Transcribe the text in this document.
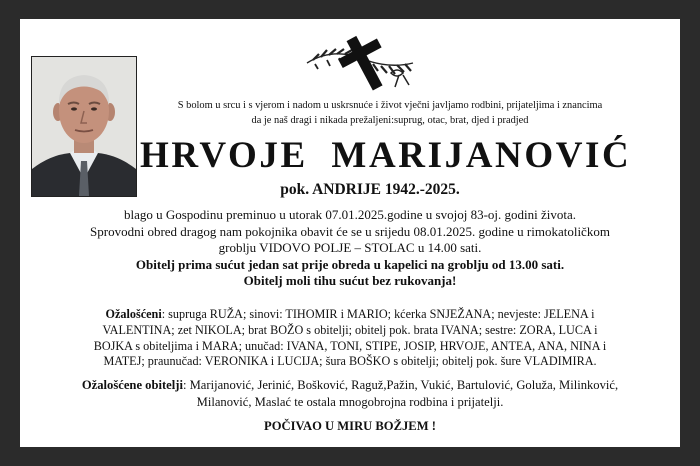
S bolom u srcu i s vjerom i nadom u uskrsnuće i život vječni javljamo rodbini, prijateljima i znancima
da je naš dragi i nikada prežaljeni:suprug, otac, brat, djed i pradjed
HRVOJE  MARIJANOVIĆ
pok. ANDRIJE 1942.-2025.
blago u Gospodinu preminuo u utorak 07.01.2025.godine u svojoj 83-oj. godini života.
Sprovodni obred dragog nam pokojnika obavit će se u srijedu 08.01.2025. godine u rimokatoličkom
groblju VIDOVO POLJE – STOLAC u 14.00 sati.
Obitelj prima sućut jedan sat prije obreda u kapelici na groblju od 13.00 sati.
Obitelj moli tihu sućut bez rukovanja!
Ožalošćeni: supruga RUŽA; sinovi: TIHOMIR i MARIO; kćerka SNJEŽANA; nevjeste: JELENA i
VALENTINA; zet NIKOLA; brat BOŽO s obitelji; obitelj pok. brata IVANA; sestre: ZORA, LUCA i
BOJKA s obiteljima i MARA; unučad: IVANA, TONI, STIPE, JOSIP, HRVOJE, ANTEA, ANA, NINA i
MATEJ; praunučad: VERONIKA i LUCIJA; šura BOŠKO s obitelji; obitelj pok. šure VLADIMIRA.
Ožalošćene obitelji: Marijanović, Jerinić, Bošković, Raguž,Pažin, Vukić, Bartulović, Goluža, Milinković,
Milanović, Maslać te ostala mnogobrojna rodbina i prijatelji.
POČIVAO U MIRU BOŽJEM !
